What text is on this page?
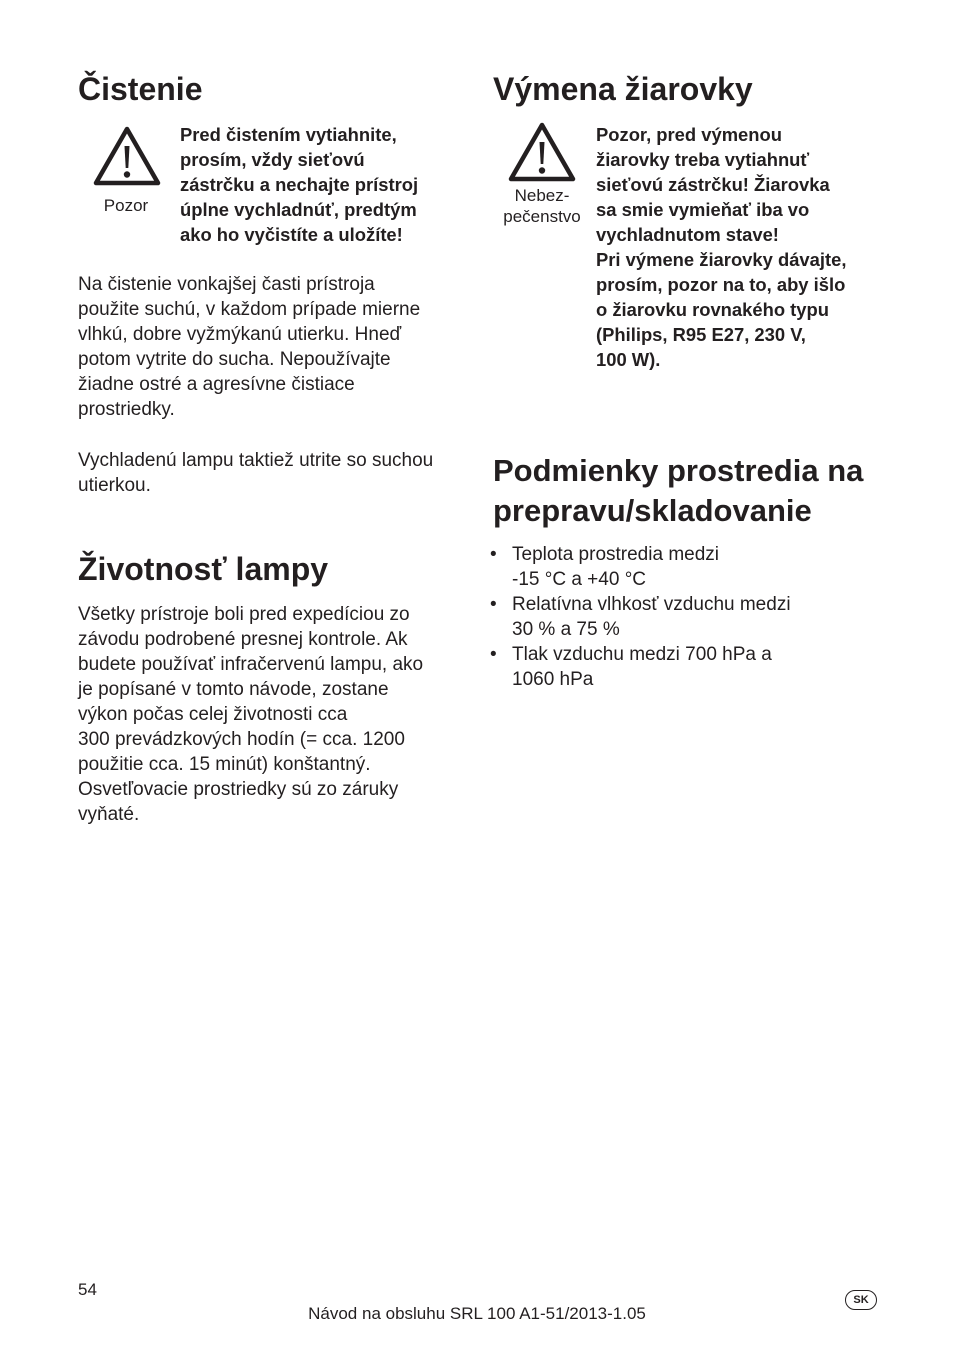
Čistenie
Pozor
Pred čistením vytiahnite,
prosím, vždy sieťovú
zástrčku a nechajte prístroj
úplne vychladnúť, predtým
ako ho vyčistíte a uložíte!
Na čistenie vonkajšej časti prístroja
použite suchú, v každom prípade mierne
vlhkú, dobre vyžmýkanú utierku. Hneď
potom vytrite do sucha. Nepoužívajte
žiadne ostré a agresívne čistiace
prostriedky.
Vychladenú lampu taktiež utrite so suchou
utierkou.
Životnosť lampy
Všetky prístroje boli pred expedíciou zo
závodu podrobené presnej kontrole. Ak
budete používať infračervenú lampu, ako
je popísané v tomto návode, zostane
výkon počas celej životnosti cca
300 prevádzkových hodín (= cca. 1200
použitie cca. 15 minút) konštantný.
Osvetľovacie prostriedky sú zo záruky
vyňaté.
Výmena žiarovky
Nebez-
pečenstvo
Pozor, pred výmenou
žiarovky treba vytiahnuť
sieťovú zástrčku! Žiarovka
sa smie vymieňať iba vo
vychladnutom stave!
Pri výmene žiarovky dávajte,
prosím, pozor na to, aby išlo
o žiarovku rovnakého typu
(Philips, R95 E27, 230 V,
100 W).
Podmienky prostredia na
prepravu/skladovanie
• Teplota prostredia medzi
-15 °C a +40 °C
• Relatívna vlhkosť vzduchu medzi
30 % a 75 %
• Tlak vzduchu medzi 700 hPa a
1060 hPa
54
Návod na obsluhu SRL 100 A1-51/2013-1.05
SK
